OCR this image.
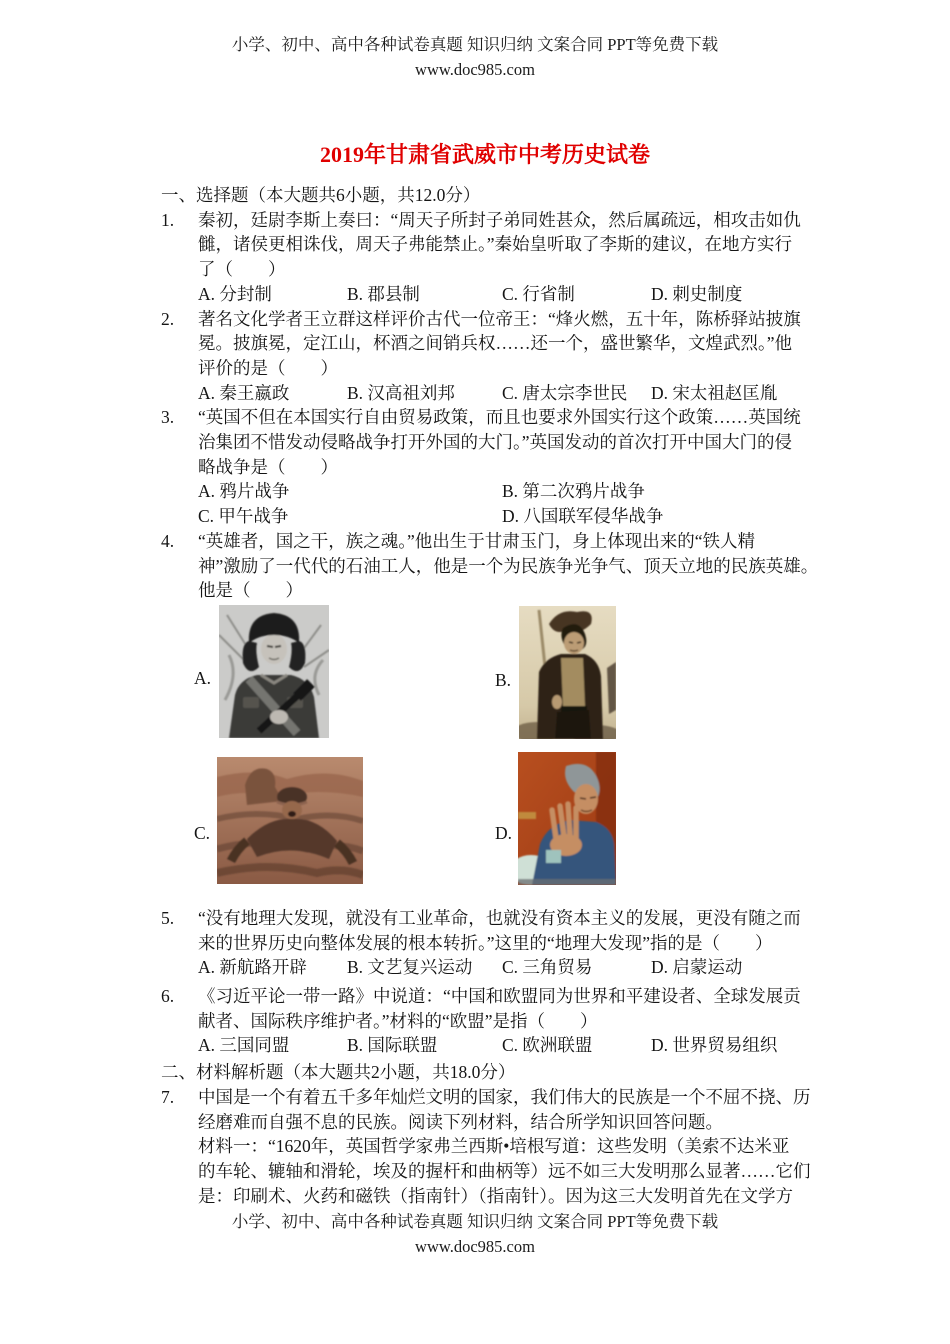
小学、初中、高中各种试卷真题 知识归纳 文案合同 PPT等免费下载
www.doc985.com
2019年甘肃省武威市中考历史试卷
一、选择题（本大题共6小题，共12.0分）
1.	秦初，廷尉李斯上奏曰：“周天子所封子弟同姓甚众，然后属疏远，相攻击如仇
雠，诸侯更相诛伐，周天子弗能禁止。”秦始皇听取了李斯的建议，在地方实行
了（　　）
A. 分封制	B. 郡县制	C. 行省制	D. 刺史制度
2.	著名文化学者王立群这样评价古代一位帝王：“烽火燃，五十年，陈桥驿站披旗
冕。披旗冕，定江山，杯酒之间销兵权……还一个，盛世繁华，文煌武烈。”他
评价的是（　　）
A. 秦王嬴政	B. 汉高祖刘邦	C. 唐太宗李世民	D. 宋太祖赵匡胤
3.	“英国不但在本国实行自由贸易政策，而且也要求外国实行这个政策……英国统
治集团不惜发动侵略战争打开外国的大门。”英国发动的首次打开中国大门的侵
略战争是（　　）
A. 鸦片战争	B. 第二次鸦片战争
C. 甲午战争	D. 八国联军侵华战争
4.	“英雄者，国之干，族之魂。”他出生于甘肃玉门，身上体现出来的“铁人精
神”激励了一代代的石油工人，他是一个为民族争光争气、顶天立地的民族英雄。
他是（　　）
A.	B.
C.	D.
5.	“没有地理大发现，就没有工业革命，也就没有资本主义的发展，更没有随之而
来的世界历史向整体发展的根本转折。”这里的“地理大发现”指的是（　　）
A. 新航路开辟	B. 文艺复兴运动	C. 三角贸易	D. 启蒙运动
6.	《习近平论一带一路》中说道：“中国和欧盟同为世界和平建设者、全球发展贡
献者、国际秩序维护者。”材料的“欧盟”是指（　　）
A. 三国同盟	B. 国际联盟	C. 欧洲联盟	D. 世界贸易组织
二、材料解析题（本大题共2小题，共18.0分）
7.	中国是一个有着五千多年灿烂文明的国家，我们伟大的民族是一个不屈不挠、历
经磨难而自强不息的民族。阅读下列材料，结合所学知识回答问题。
材料一：“1620年，英国哲学家弗兰西斯•培根写道：这些发明（美索不达米亚
的车轮、辘轴和滑轮，埃及的握杆和曲柄等）远不如三大发明那么显著……它们
是：印刷术、火药和磁铁（指南针）（指南针）。因为这三大发明首先在文学方
小学、初中、高中各种试卷真题 知识归纳 文案合同 PPT等免费下载
www.doc985.com
